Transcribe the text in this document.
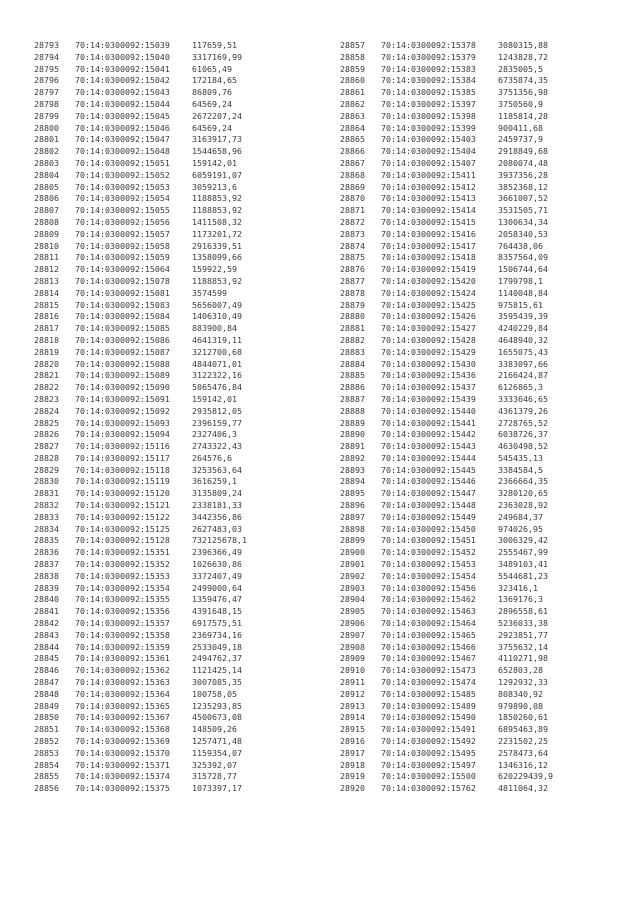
28793 70:14:0300092:15039	117659,51
28794 70:14:0300092:15040	3317169,99
28795 70:14:0300092:15041	61065,49
28796 70:14:0300092:15042	172184,65
28797 70:14:0300092:15043	86809,76
28798 70:14:0300092:15044	64569,24
28799 70:14:0300092:15045	2672207,24
28800 70:14:0300092:15046	64569,24
28801 70:14:0300092:15047	3163917,73
28802 70:14:0300092:15048	1544658,96
28803 70:14:0300092:15051	159142,01
28804 70:14:0300092:15052	6059191,07
28805 70:14:0300092:15053	3059213,6
28806 70:14:0300092:15054	1188853,92
28807 70:14:0300092:15055	1188853,92
28808 70:14:0300092:15056	1411508,32
28809 70:14:0300092:15057	1173201,72
28810 70:14:0300092:15058	2916339,51
28811 70:14:0300092:15059	1358099,66
28812 70:14:0300092:15064	159922,59
28813 70:14:0300092:15078	1188853,92
28814 70:14:0300092:15081	3574599
28815 70:14:0300092:15083	5656007,49
28816 70:14:0300092:15084	1406310,49
28817 70:14:0300092:15085	883900,84
28818 70:14:0300092:15086	4641319,11
28819 70:14:0300092:15087	3212700,68
28820 70:14:0300092:15088	4844071,01
28821 70:14:0300092:15089	3122322,16
28822 70:14:0300092:15090	5065476,84
28823 70:14:0300092:15091	159142,01
28824 70:14:0300092:15092	2935812,05
28825 70:14:0300092:15093	2396159,77
28826 70:14:0300092:15094	2327406,3
28827 70:14:0300092:15116	2743322,43
28828 70:14:0300092:15117	264576,6
28829 70:14:0300092:15118	3253563,64
28830 70:14:0300092:15119	3616259,1
28831 70:14:0300092:15120	3135809,24
28832 70:14:0300092:15121	2338181,33
28833 70:14:0300092:15122	3442356,86
28834 70:14:0300092:15125	2627483,03
28835 70:14:0300092:15128	732125678,1
28836 70:14:0300092:15351	2396366,49
28837 70:14:0300092:15352	1026630,86
28838 70:14:0300092:15353	3372407,49
28839 70:14:0300092:15354	2499000,64
28840 70:14:0300092:15355	1359476,47
28841 70:14:0300092:15356	4391648,15
28842 70:14:0300092:15357	6917575,51
28843 70:14:0300092:15358	2369734,16
28844 70:14:0300092:15359	2533049,18
28845 70:14:0300092:15361	2494762,37
28846 70:14:0300092:15362	1121425,14
28847 70:14:0300092:15363	3007085,35
28848 70:14:0300092:15364	100758,05
28849 70:14:0300092:15365	1235293,85
28850 70:14:0300092:15367	4500673,08
28851 70:14:0300092:15368	148509,26
28852 70:14:0300092:15369	1257471,48
28853 70:14:0300092:15370	1159354,07
28854 70:14:0300092:15371	325392,07
28855 70:14:0300092:15374	315728,77
28856 70:14:0300092:15375	1073397,17
28857 70:14:0300092:15378	3080315,88
28858 70:14:0300092:15379	1243828,72
28859 70:14:0300092:15383	2835005,5
28860 70:14:0300092:15384	6735874,35
28861 70:14:0300092:15385	3751356,98
28862 70:14:0300092:15397	3750560,9
28863 70:14:0300092:15398	1185814,28
28864 70:14:0300092:15399	900411,68
28865 70:14:0300092:15403	2459737,9
28866 70:14:0300092:15404	2918849,68
28867 70:14:0300092:15407	2080074,48
28868 70:14:0300092:15411	3937356,28
28869 70:14:0300092:15412	3852368,12
28870 70:14:0300092:15413	3661007,52
28871 70:14:0300092:15414	3531505,71
28872 70:14:0300092:15415	1300634,34
28873 70:14:0300092:15416	2058340,53
28874 70:14:0300092:15417	764438,06
28875 70:14:0300092:15418	8357564,09
28876 70:14:0300092:15419	1506744,64
28877 70:14:0300092:15420	1799798,1
28878 70:14:0300092:15424	1140048,84
28879 70:14:0300092:15425	975815,61
28880 70:14:0300092:15426	3595439,39
28881 70:14:0300092:15427	4240229,84
28882 70:14:0300092:15428	4648940,32
28883 70:14:0300092:15429	1655075,43
28884 70:14:0300092:15430	3383097,66
28885 70:14:0300092:15436	2166424,87
28886 70:14:0300092:15437	6126865,3
28887 70:14:0300092:15439	3333646,65
28888 70:14:0300092:15440	4361379,26
28889 70:14:0300092:15441	2728765,52
28890 70:14:0300092:15442	6038726,37
28891 70:14:0300092:15443	4630498,52
28892 70:14:0300092:15444	545435,13
28893 70:14:0300092:15445	3384584,5
28894 70:14:0300092:15446	2366664,35
28895 70:14:0300092:15447	3280120,65
28896 70:14:0300092:15448	2363028,92
28897 70:14:0300092:15449	249684,37
28898 70:14:0300092:15450	974026,95
28899 70:14:0300092:15451	3006329,42
28900 70:14:0300092:15452	2555467,99
28901 70:14:0300092:15453	3489103,41
28902 70:14:0300092:15454	5544681,23
28903 70:14:0300092:15456	323416,1
28904 70:14:0300092:15462	1369176,3
28905 70:14:0300092:15463	2896558,61
28906 70:14:0300092:15464	5236033,38
28907 70:14:0300092:15465	2923851,77
28908 70:14:0300092:15466	3755632,14
28909 70:14:0300092:15467	4110271,98
28910 70:14:0300092:15473	652803,28
28911 70:14:0300092:15474	1292932,33
28912 70:14:0300092:15485	808340,92
28913 70:14:0300092:15489	979890,08
28914 70:14:0300092:15490	1850260,61
28915 70:14:0300092:15491	6895463,89
28916 70:14:0300092:15492	2231502,25
28917 70:14:0300092:15495	2578473,64
28918 70:14:0300092:15497	1346316,12
28919 70:14:0300092:15500	620229439,9
28920 70:14:0300092:15762	4811064,32
